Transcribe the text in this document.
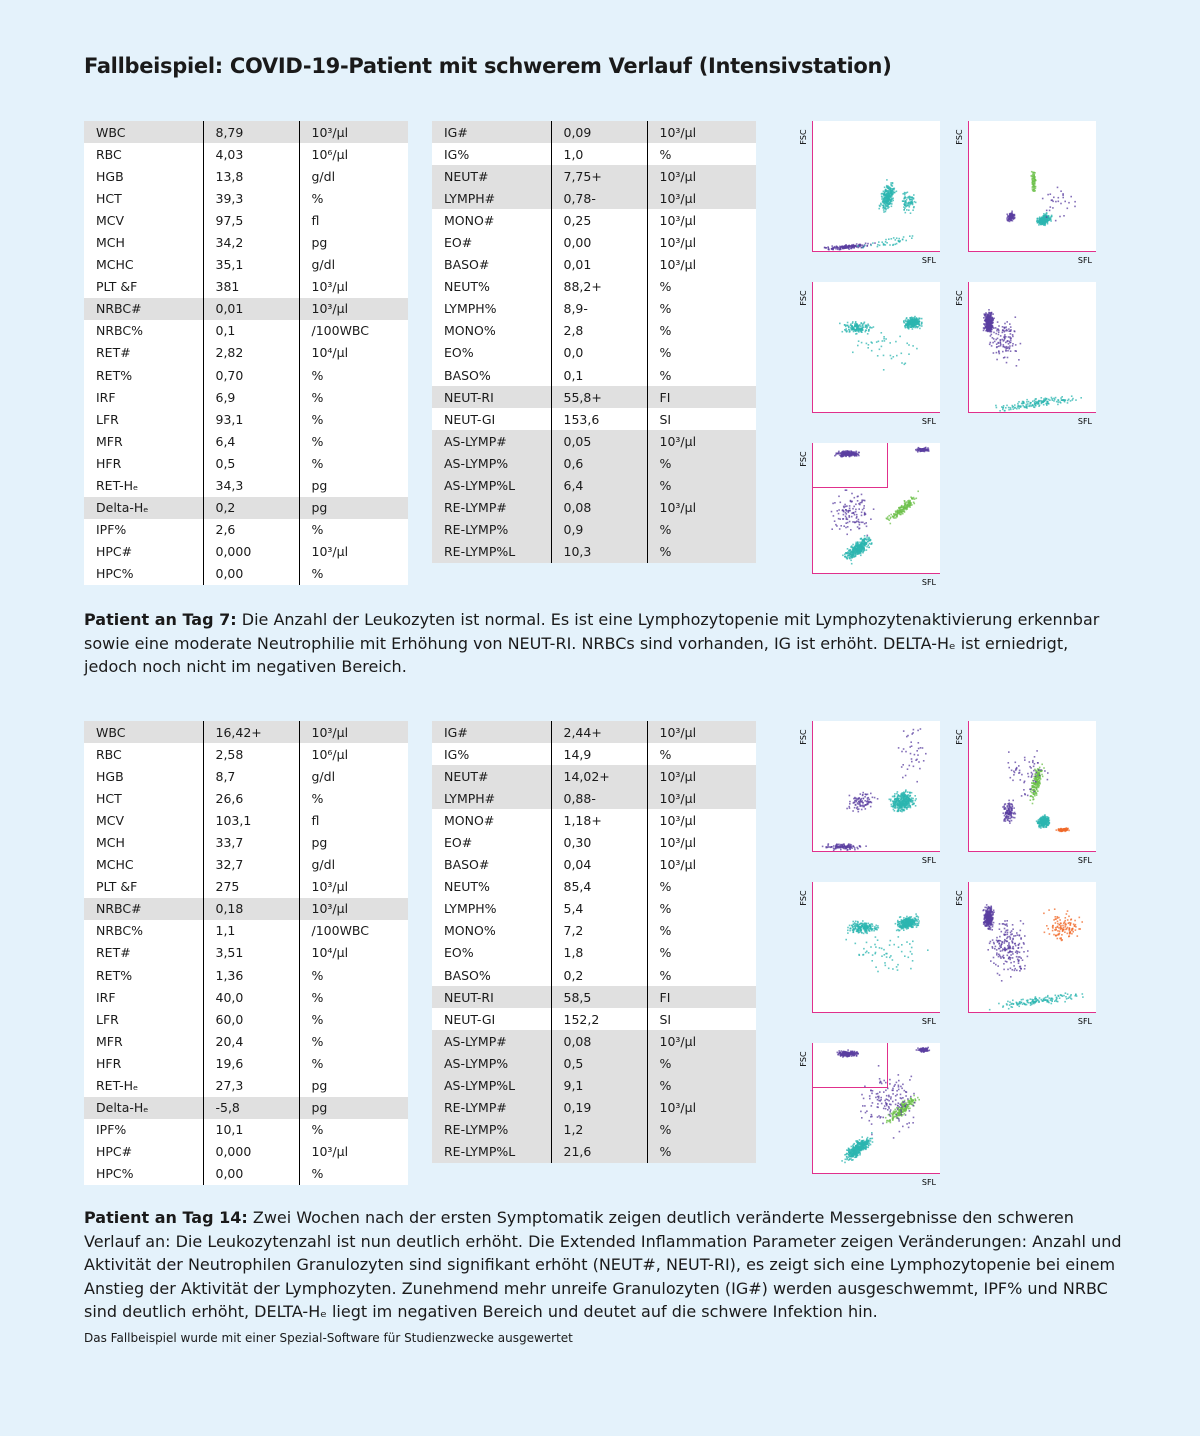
Fallbeispiel: COVID-19-Patient mit schwerem Verlauf (Intensivstation)
WBC	8,79	10³/µl
RBC	4,03	10⁶/µl
HGB	13,8	g/dl
HCT	39,3	%
MCV	97,5	fl
MCH	34,2	pg
MCHC	35,1	g/dl
PLT &F	381	10³/µl
NRBC#	0,01	10³/µl
NRBC%	0,1	/100WBC
RET#	2,82	10⁴/µl
RET%	0,70	%
IRF	6,9	%
LFR	93,1	%
MFR	6,4	%
HFR	0,5	%
RET-Hₑ	34,3	pg
Delta-Hₑ	0,2	pg
IPF%	2,6	%
HPC#	0,000	10³/µl
HPC%	0,00	%
IG#	0,09	10³/µl
IG%	1,0	%
NEUT#	7,75+	10³/µl
LYMPH#	0,78-	10³/µl
MONO#	0,25	10³/µl
EO#	0,00	10³/µl
BASO#	0,01	10³/µl
NEUT%	88,2+	%
LYMPH%	8,9-	%
MONO%	2,8	%
EO%	0,0	%
BASO%	0,1	%
NEUT-RI	55,8+	FI
NEUT-GI	153,6	SI
AS-LYMP#	0,05	10³/µl
AS-LYMP%	0,6	%
AS-LYMP%L	6,4	%
RE-LYMP#	0,08	10³/µl
RE-LYMP%	0,9	%
RE-LYMP%L	10,3	%
FSC
SFL
FSC
SFL
FSC
SFL
FSC
SFL
FSC
SFL
Patient an Tag 7: Die Anzahl der Leukozyten ist normal. Es ist eine Lymphozytopenie mit Lymphozytenaktivierung erkennbar sowie eine moderate Neutrophilie mit Erhöhung von NEUT-RI. NRBCs sind vorhanden, IG ist erhöht. DELTA-Hₑ ist erniedrigt, jedoch noch nicht im negativen Bereich.
WBC	16,42+	10³/µl
RBC	2,58	10⁶/µl
HGB	8,7	g/dl
HCT	26,6	%
MCV	103,1	fl
MCH	33,7	pg
MCHC	32,7	g/dl
PLT &F	275	10³/µl
NRBC#	0,18	10³/µl
NRBC%	1,1	/100WBC
RET#	3,51	10⁴/µl
RET%	1,36	%
IRF	40,0	%
LFR	60,0	%
MFR	20,4	%
HFR	19,6	%
RET-Hₑ	27,3	pg
Delta-Hₑ	-5,8	pg
IPF%	10,1	%
HPC#	0,000	10³/µl
HPC%	0,00	%
IG#	2,44+	10³/µl
IG%	14,9	%
NEUT#	14,02+	10³/µl
LYMPH#	0,88-	10³/µl
MONO#	1,18+	10³/µl
EO#	0,30	10³/µl
BASO#	0,04	10³/µl
NEUT%	85,4	%
LYMPH%	5,4	%
MONO%	7,2	%
EO%	1,8	%
BASO%	0,2	%
NEUT-RI	58,5	FI
NEUT-GI	152,2	SI
AS-LYMP#	0,08	10³/µl
AS-LYMP%	0,5	%
AS-LYMP%L	9,1	%
RE-LYMP#	0,19	10³/µl
RE-LYMP%	1,2	%
RE-LYMP%L	21,6	%
FSC
SFL
FSC
SFL
FSC
SFL
FSC
SFL
FSC
SFL
Patient an Tag 14: Zwei Wochen nach der ersten Symptomatik zeigen deutlich veränderte Messergebnisse den schweren Verlauf an: Die Leukozytenzahl ist nun deutlich erhöht. Die Extended Inflammation Parameter zeigen Veränderungen: Anzahl und Aktivität der Neutrophilen Granulozyten sind signifikant erhöht (NEUT#, NEUT-RI), es zeigt sich eine Lymphozytopenie bei einem Anstieg der Aktivität der Lymphozyten. Zunehmend mehr unreife Granulozyten (IG#) werden ausgeschwemmt, IPF% und NRBC sind deutlich erhöht, DELTA-Hₑ liegt im negativen Bereich und deutet auf die schwere Infektion hin.
Das Fallbeispiel wurde mit einer Spezial-Software für Studienzwecke ausgewertet
